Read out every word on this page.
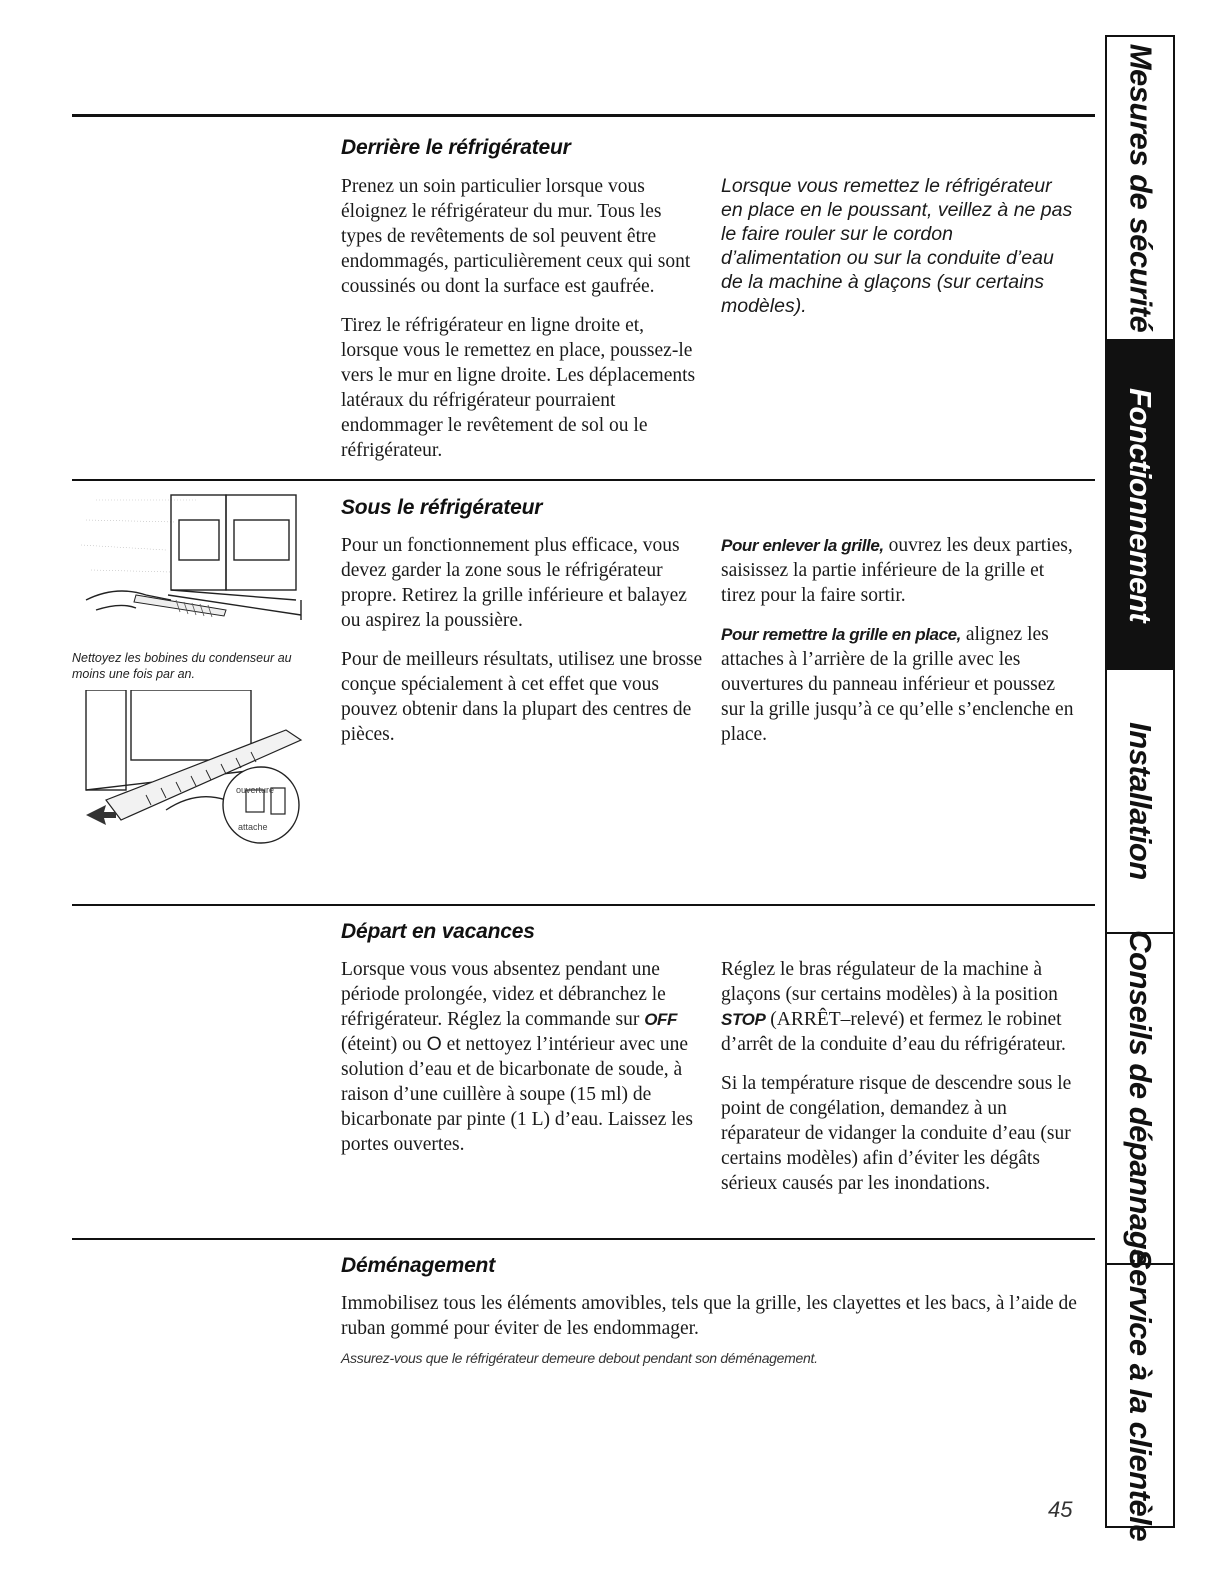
Derrière le réfrigérateur

Prenez un soin particulier lorsque vous éloignez le réfrigérateur du mur. Tous les types de revêtements de sol peuvent être endommagés, particulièrement ceux qui sont coussinés ou dont la surface est gaufrée.

Tirez le réfrigérateur en ligne droite et, lorsque vous le remettez en place, poussez-le vers le mur en ligne droite. Les déplacements latéraux du réfrigérateur pourraient endommager le revêtement de sol ou le réfrigérateur.

Lorsque vous remettez le réfrigérateur en place en le poussant, veillez à ne pas le faire rouler sur le cordon d’alimentation ou sur la conduite d’eau de la machine à glaçons (sur certains modèles).
Sous le réfrigérateur

Pour un fonctionnement plus efficace, vous devez garder la zone sous le réfrigérateur propre. Retirez la grille inférieure et balayez ou aspirez la poussière.

Pour de meilleurs résultats, utilisez une brosse conçue spécialement à cet effet que vous pouvez obtenir dans la plupart des centres de pièces.

Pour enlever la grille, ouvrez les deux parties, saisissez la partie inférieure de la grille et tirez pour la faire sortir.

Pour remettre la grille en place, alignez les attaches à l’arrière de la grille avec les ouvertures du panneau inférieur et poussez sur la grille jusqu’à ce qu’elle s’enclenche en place.

Nettoyez les bobines du condenseur au moins une fois par an.
ouverture
attache
Départ en vacances

Lorsque vous vous absentez pendant une période prolongée, videz et débranchez le réfrigérateur. Réglez la commande sur OFF (éteint) ou O et nettoyez l’intérieur avec une solution d’eau et de bicarbonate de soude, à raison d’une cuillère à soupe (15 ml) de bicarbonate par pinte (1 L) d’eau. Laissez les portes ouvertes.

Réglez le bras régulateur de la machine à glaçons (sur certains modèles) à la position STOP (ARRÊT–relevé) et fermez le robinet d’arrêt de la conduite d’eau du réfrigérateur.

Si la température risque de descendre sous le point de congélation, demandez à un réparateur de vidanger la conduite d’eau (sur certains modèles) afin d’éviter les dégâts sérieux causés par les inondations.

Déménagement

Immobilisez tous les éléments amovibles, tels que la grille, les clayettes et les bacs, à l’aide de ruban gommé pour éviter de les endommager.

Assurez-vous que le réfrigérateur demeure debout pendant son déménagement.
45
Mesures de sécurité
Fonctionnement
Installation
Conseils de dépannage
Service à la clientèle
